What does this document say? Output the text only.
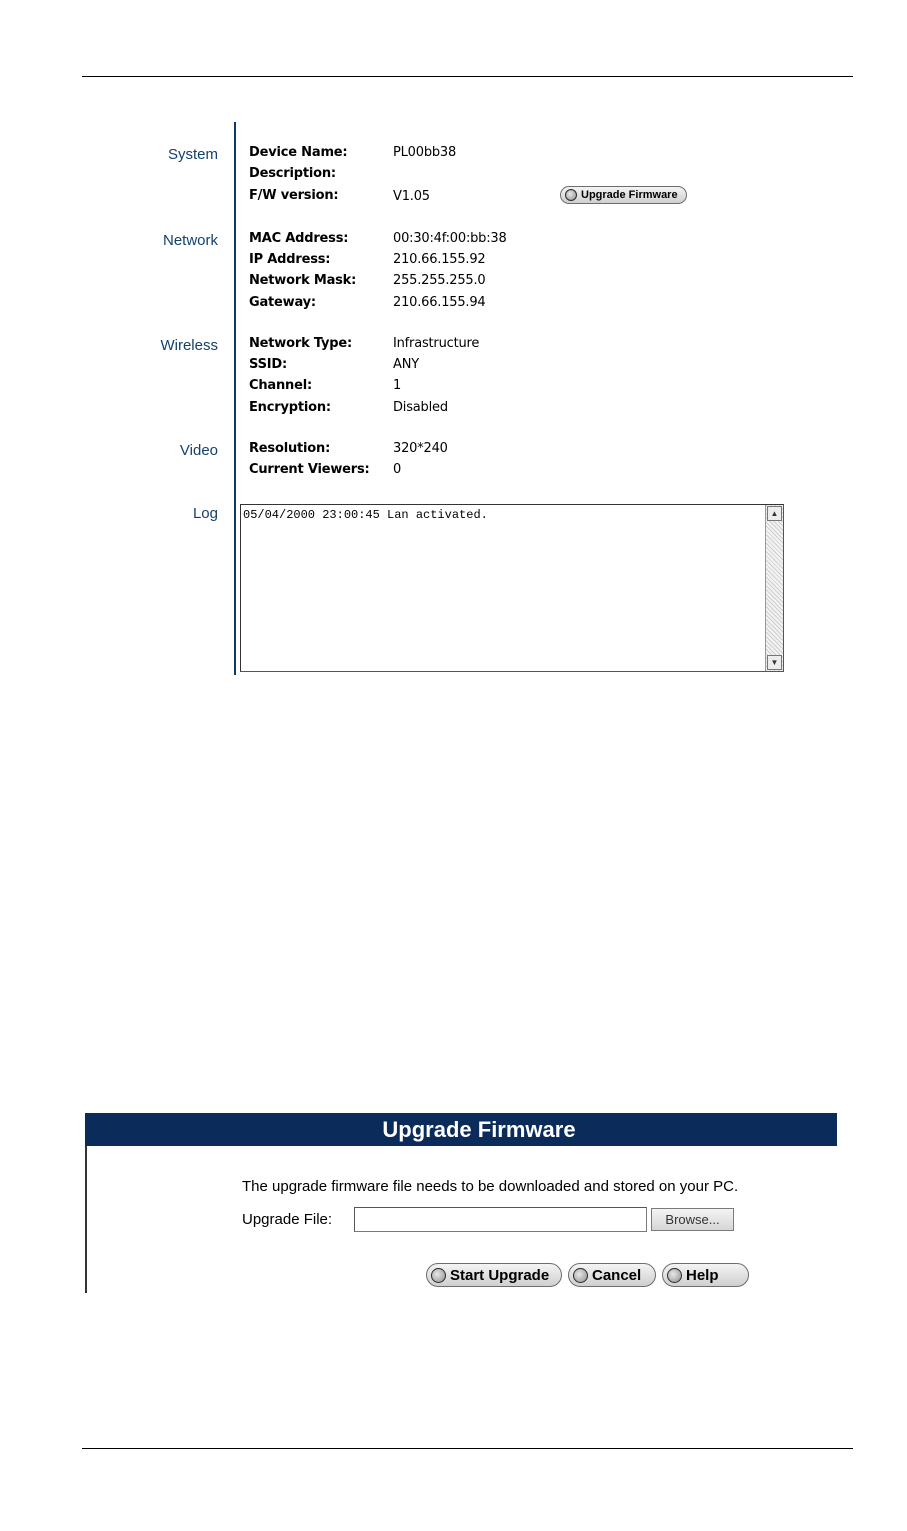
System
Network
Wireless
Video
Log
Device Name:	PL00bb38
Description:
F/W version:	V1.05	Upgrade Firmware
MAC Address:	00:30:4f:00:bb:38
IP Address:	210.66.155.92
Network Mask:	255.255.255.0
Gateway:	210.66.155.94
Network Type:	Infrastructure
SSID:	ANY
Channel:	1
Encryption:	Disabled
Resolution:	320*240
Current Viewers: 0
05/04/2000 23:00:45 Lan activated.	▲
▼
Upgrade Firmware
The upgrade firmware file needs to be downloaded and stored on your PC.
Upgrade File:	Browse...
Start Upgrade	Cancel	Help
